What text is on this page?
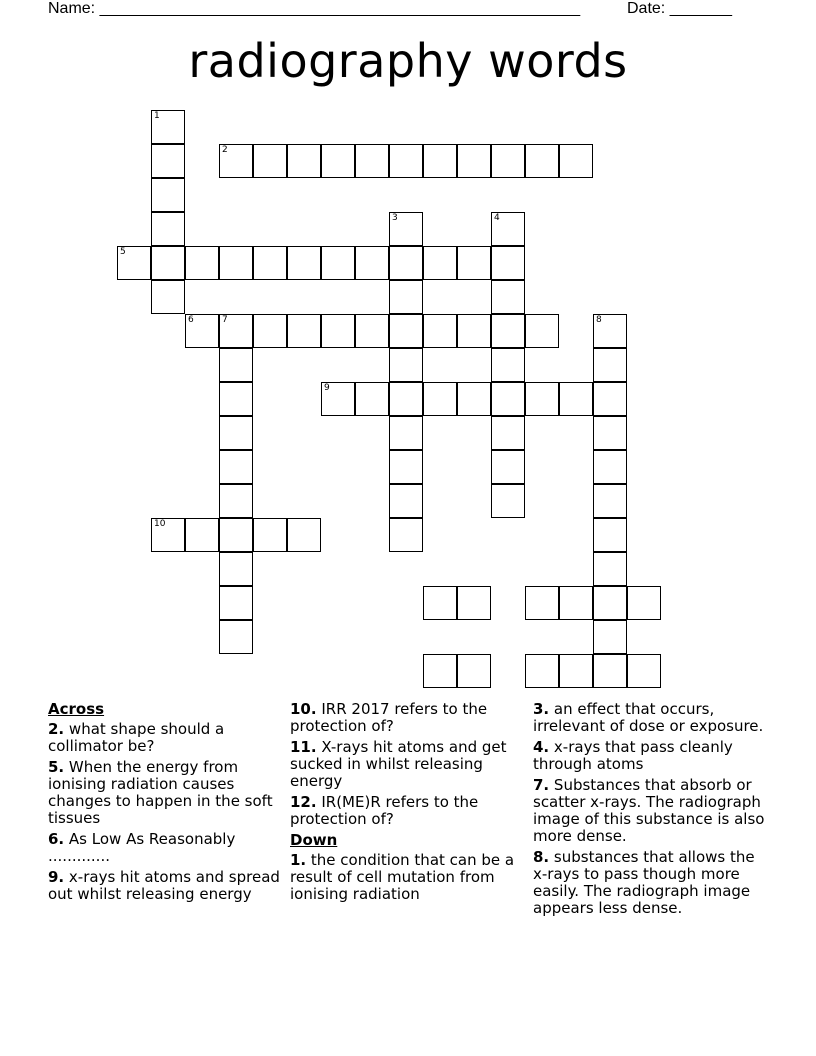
Name: ______________________________________________________	Date: _______
radiography words
1
2
5
3	4
6	7
9
8
10
Across
2. what shape should a collimator be?
5. When the energy from ionising radiation causes changes to happen in the soft tissues
6. As Low As Reasonably .............
9. x-rays hit atoms and spread out whilst releasing energy
10. IRR 2017 refers to the protection of?
11. X-rays hit atoms and get sucked in whilst releasing energy
12. IR(ME)R refers to the protection of?
Down
1. the condition that can be a result of cell mutation from ionising radiation
3. an effect that occurs, irrelevant of dose or exposure.
4. x-rays that pass cleanly through atoms
7. Substances that absorb or scatter x-rays. The radiograph image of this substance is also more dense.
8. substances that allows the x-rays to pass though more easily. The radiograph image appears less dense.
